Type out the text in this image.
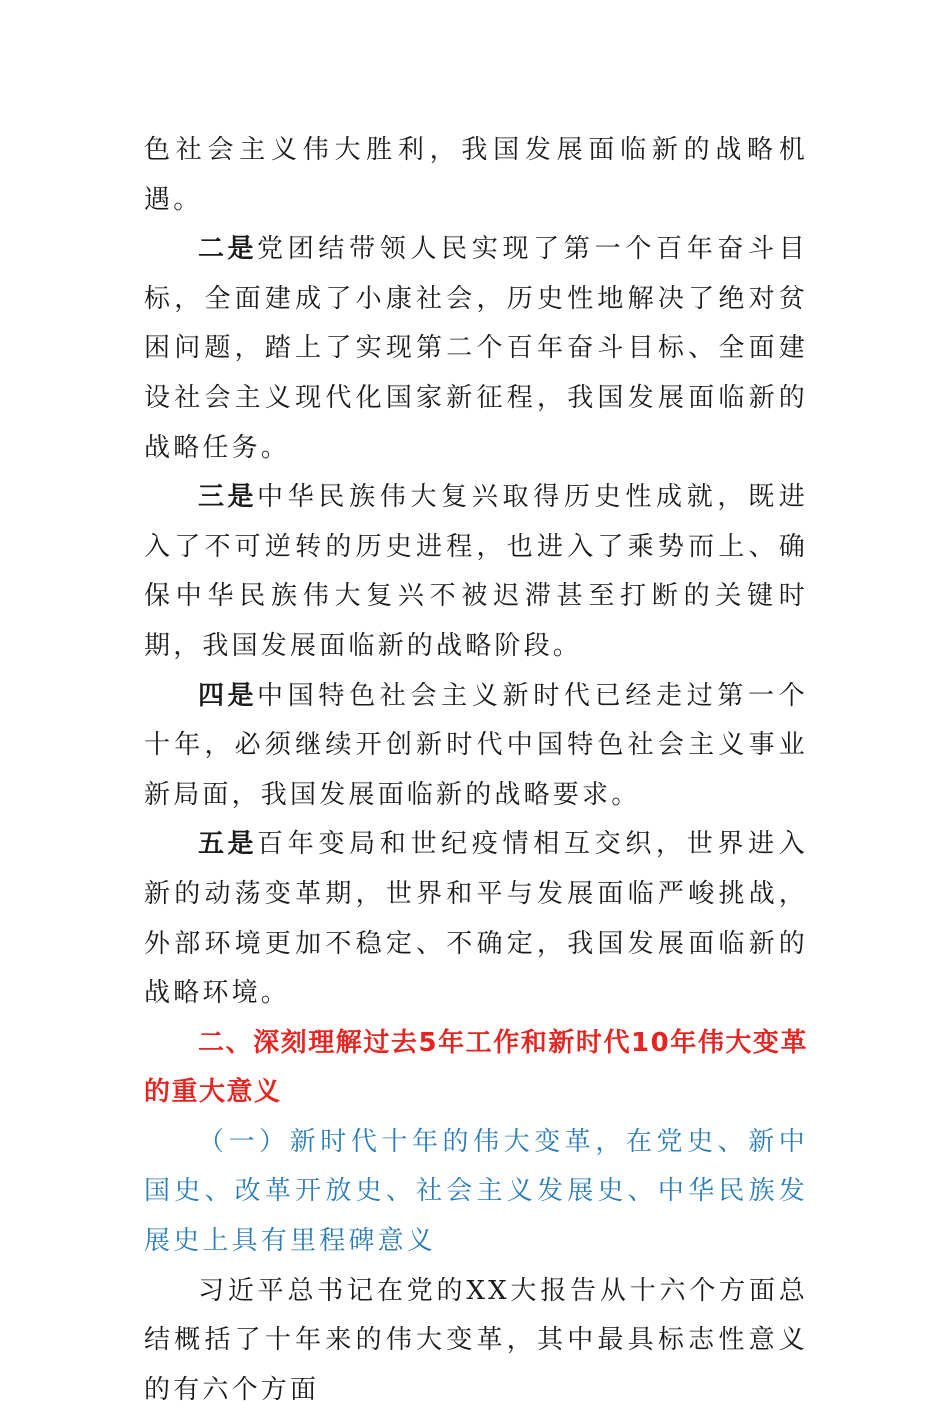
色社会主义伟大胜利，我国发展面临新的战略机遇。

二是党团结带领人民实现了第一个百年奋斗目标，全面建成了小康社会，历史性地解决了绝对贫困问题，踏上了实现第二个百年奋斗目标、全面建设社会主义现代化国家新征程，我国发展面临新的战略任务。

三是中华民族伟大复兴取得历史性成就，既进入了不可逆转的历史进程，也进入了乘势而上、确保中华民族伟大复兴不被迟滞甚至打断的关键时期，我国发展面临新的战略阶段。

四是中国特色社会主义新时代已经走过第一个十年，必须继续开创新时代中国特色社会主义事业新局面，我国发展面临新的战略要求。

五是百年变局和世纪疫情相互交织，世界进入新的动荡变革期，世界和平与发展面临严峻挑战，外部环境更加不稳定、不确定，我国发展面临新的战略环境。

二、深刻理解过去5年工作和新时代10年伟大变革的重大意义

（一）新时代十年的伟大变革，在党史、新中国史、改革开放史、社会主义发展史、中华民族发展史上具有里程碑意义

习近平总书记在党的XX大报告从十六个方面总结概括了十年来的伟大变革，其中最具标志性意义的有六个方面
